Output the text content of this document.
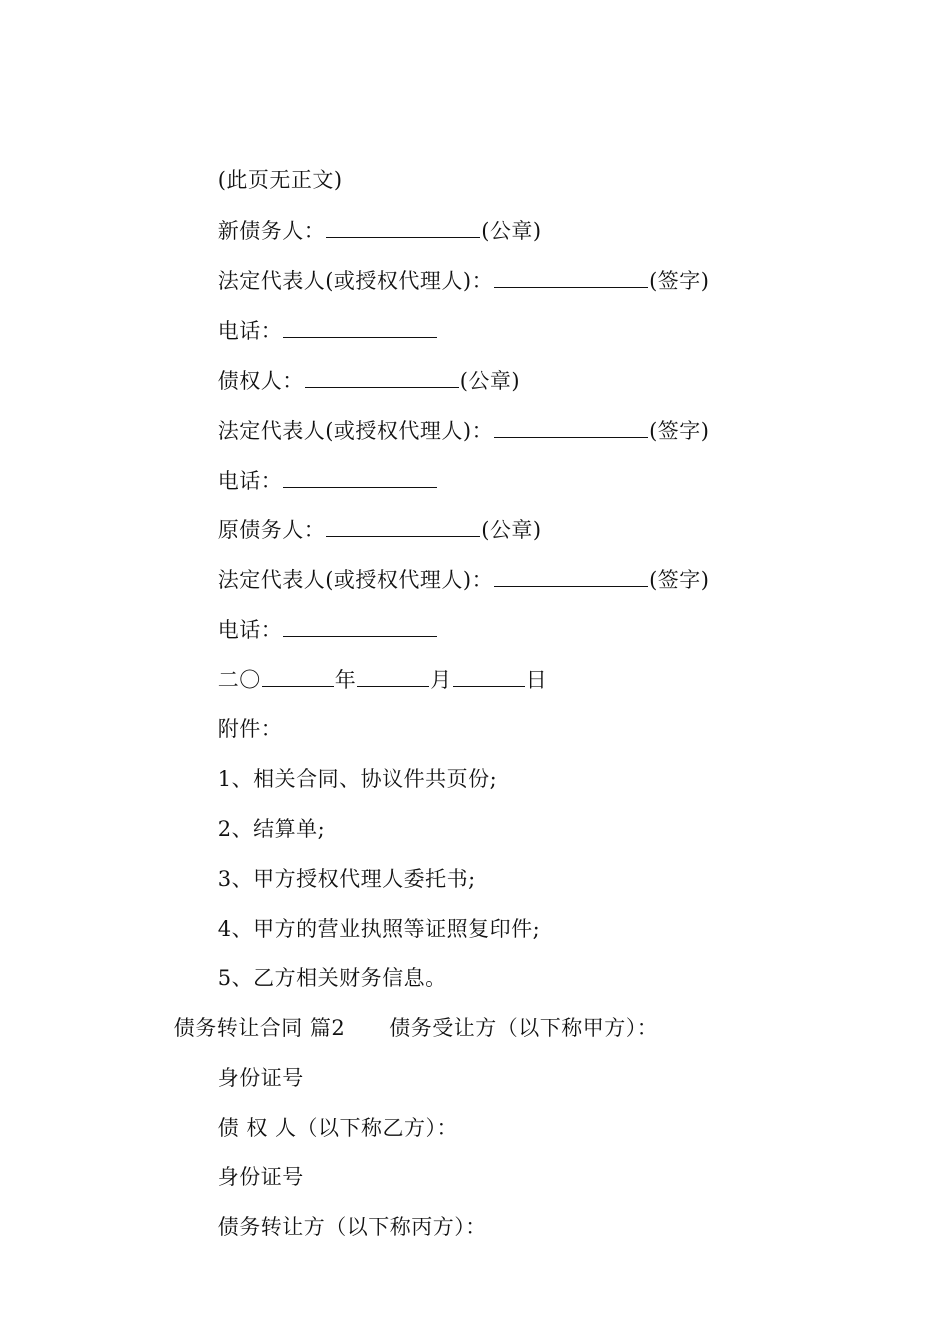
(此页无正文)

新债务人：	(公章)

法定代表人(或授权代理人)：	(签字)

电话：

债权人：	(公章)

法定代表人(或授权代理人)：	(签字)

电话：

原债务人：	(公章)

法定代表人(或授权代理人)：	(签字)

电话：

二〇	年	月	日

附件：

1、相关合同、协议件共页份;

2、结算单;

3、甲方授权代理人委托书;

4、甲方的营业执照等证照复印件;

5、乙方相关财务信息。

债务转让合同 篇2 债务受让方（以下称甲方）：

身份证号

债 权 人（以下称乙方）：

身份证号

债务转让方（以下称丙方）：
